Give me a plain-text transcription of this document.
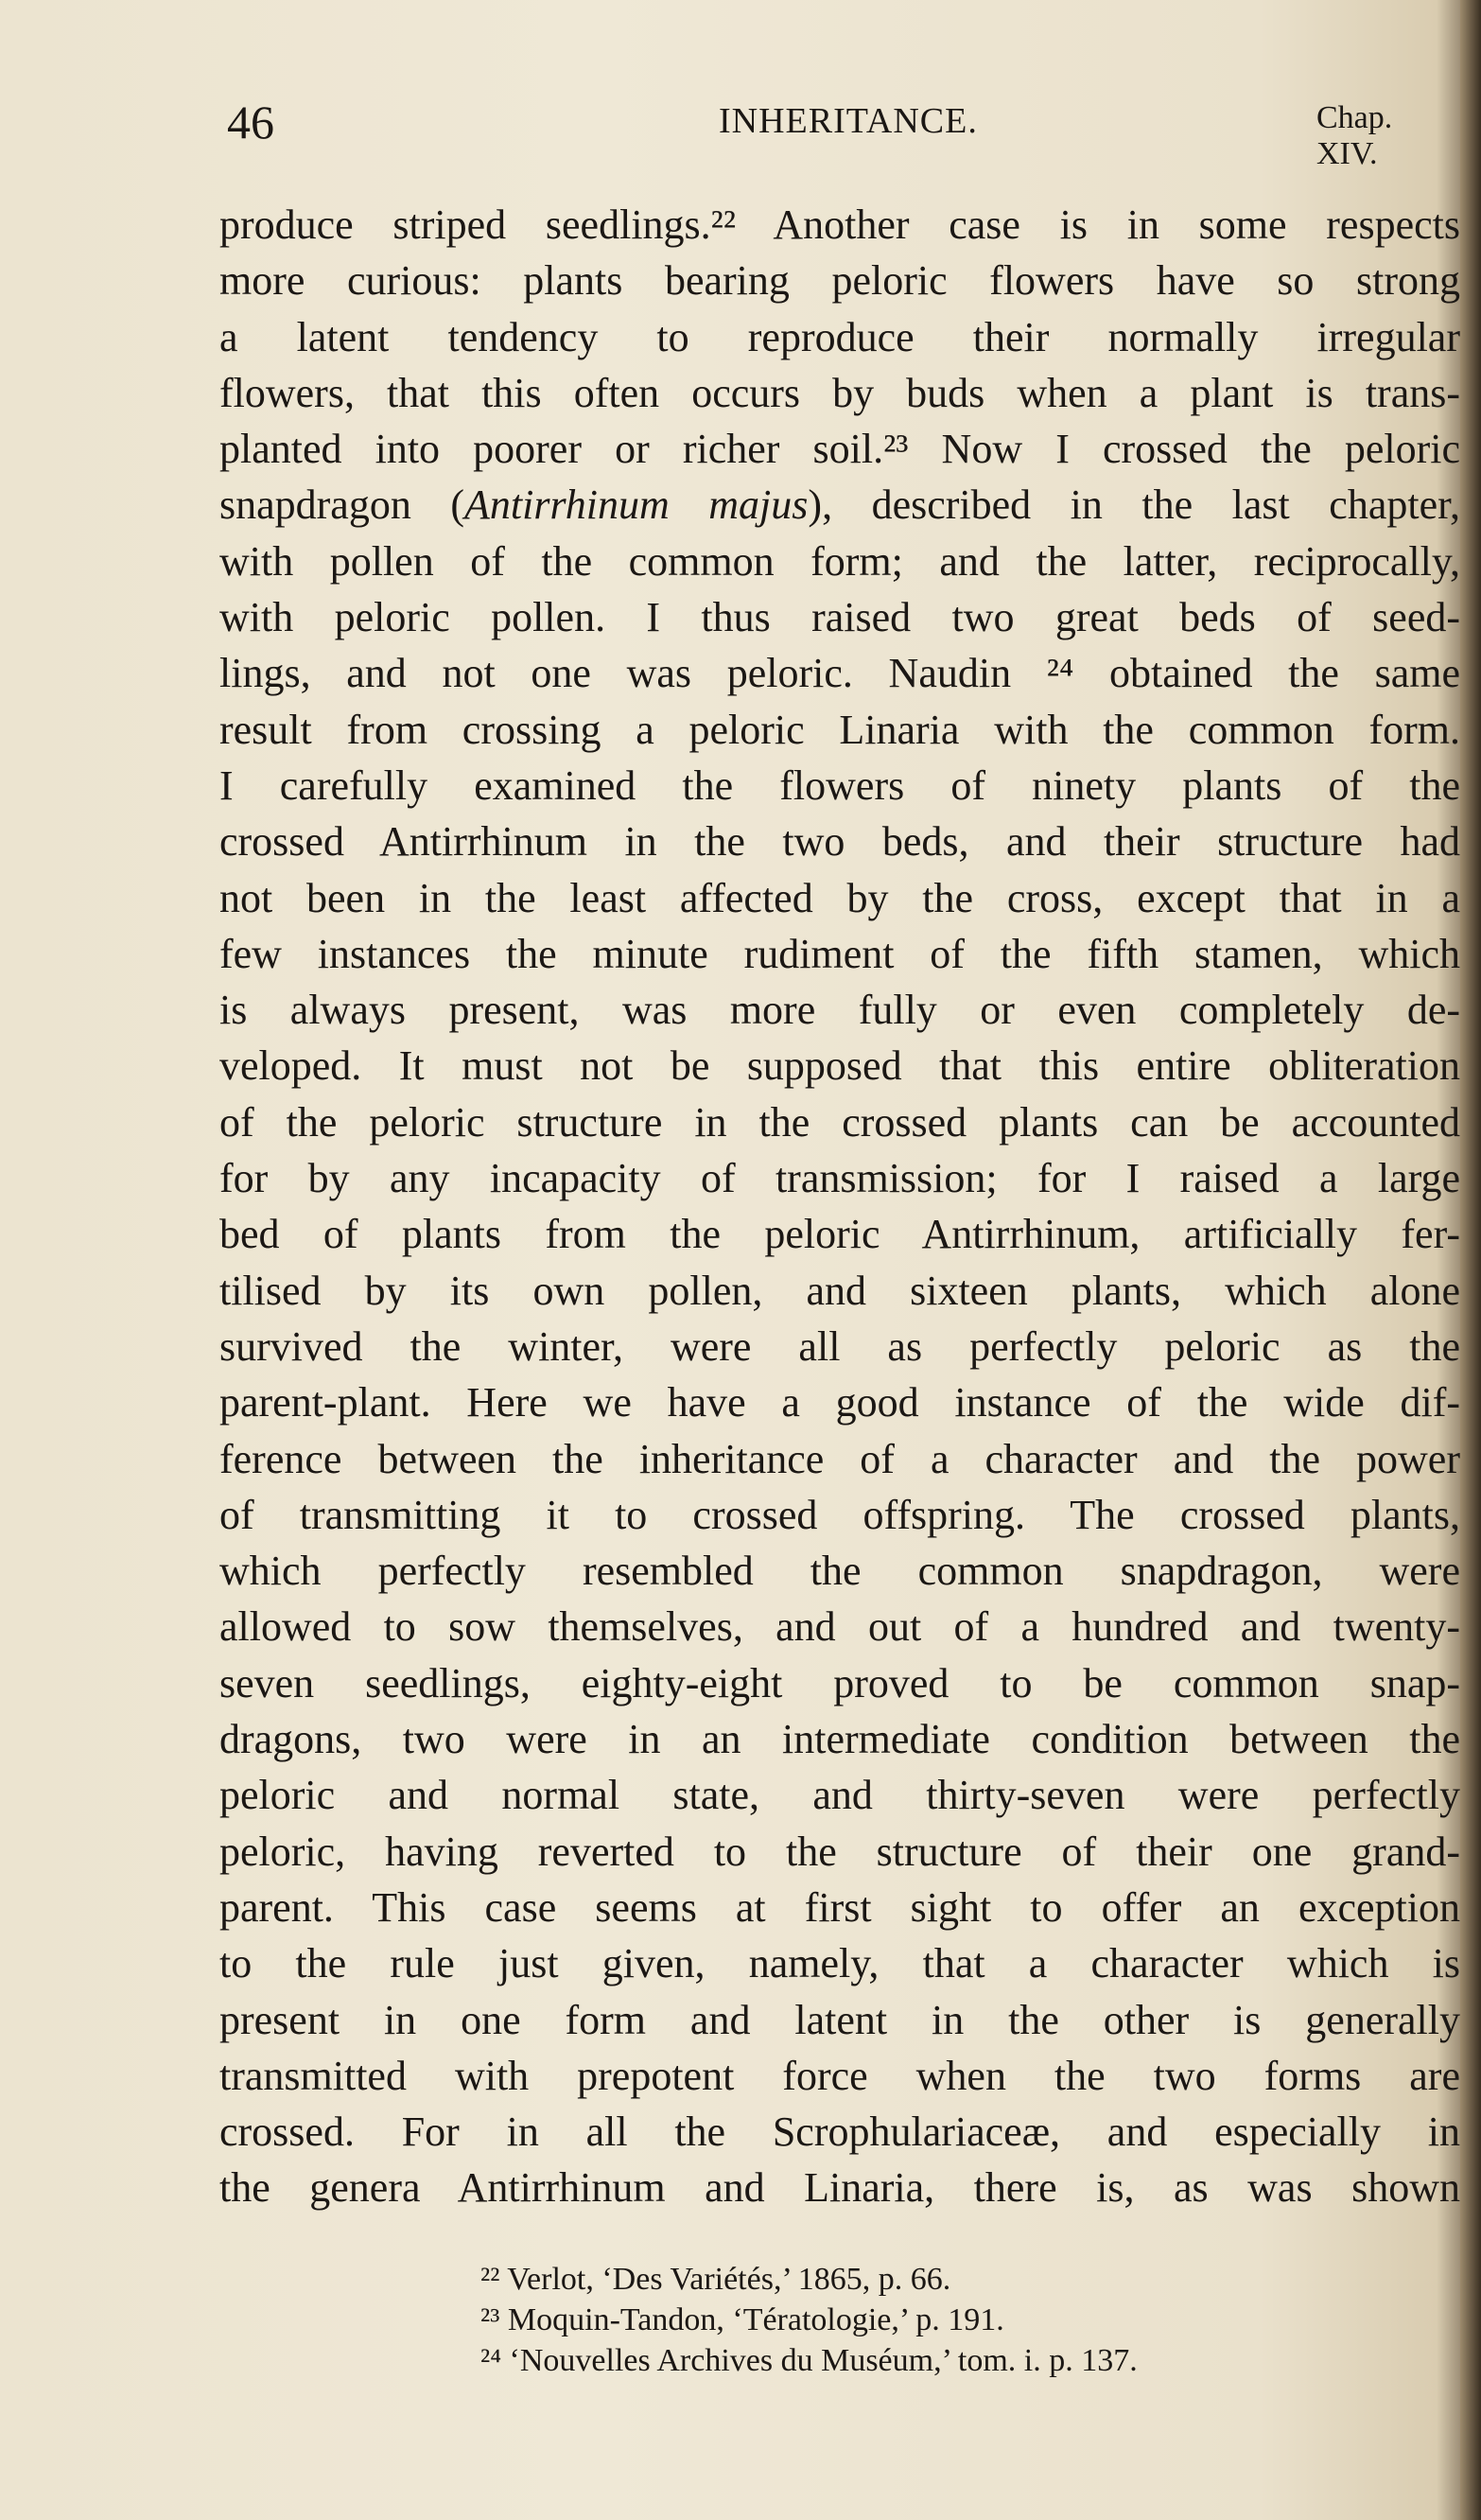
46	INHERITANCE.	Chap. XIV.
produce striped seedlings.²² Another case is in some respects
more curious: plants bearing peloric flowers have so strong
a latent tendency to reproduce their normally irregular
flowers, that this often occurs by buds when a plant is trans-
planted into poorer or richer soil.²³ Now I crossed the peloric
snapdragon (Antirrhinum majus), described in the last chapter,
with pollen of the common form; and the latter, reciprocally,
with peloric pollen. I thus raised two great beds of seed-
lings, and not one was peloric. Naudin ²⁴ obtained the same
result from crossing a peloric Linaria with the common form.
I carefully examined the flowers of ninety plants of the
crossed Antirrhinum in the two beds, and their structure had
not been in the least affected by the cross, except that in a
few instances the minute rudiment of the fifth stamen, which
is always present, was more fully or even completely de-
veloped. It must not be supposed that this entire obliteration
of the peloric structure in the crossed plants can be accounted
for by any incapacity of transmission; for I raised a large
bed of plants from the peloric Antirrhinum, artificially fer-
tilised by its own pollen, and sixteen plants, which alone
survived the winter, were all as perfectly peloric as the
parent-plant. Here we have a good instance of the wide dif-
ference between the inheritance of a character and the power
of transmitting it to crossed offspring. The crossed plants,
which perfectly resembled the common snapdragon, were
allowed to sow themselves, and out of a hundred and twenty-
seven seedlings, eighty-eight proved to be common snap-
dragons, two were in an intermediate condition between the
peloric and normal state, and thirty-seven were perfectly
peloric, having reverted to the structure of their one grand-
parent. This case seems at first sight to offer an exception
to the rule just given, namely, that a character which is
present in one form and latent in the other is generally
transmitted with prepotent force when the two forms are
crossed. For in all the Scrophulariaceæ, and especially in
the genera Antirrhinum and Linaria, there is, as was shown
²² Verlot, ‘Des Variétés,’ 1865, p. 66.
²³ Moquin-Tandon, ‘Tératologie,’ p. 191.
²⁴ ‘Nouvelles Archives du Muséum,’ tom. i. p. 137.
